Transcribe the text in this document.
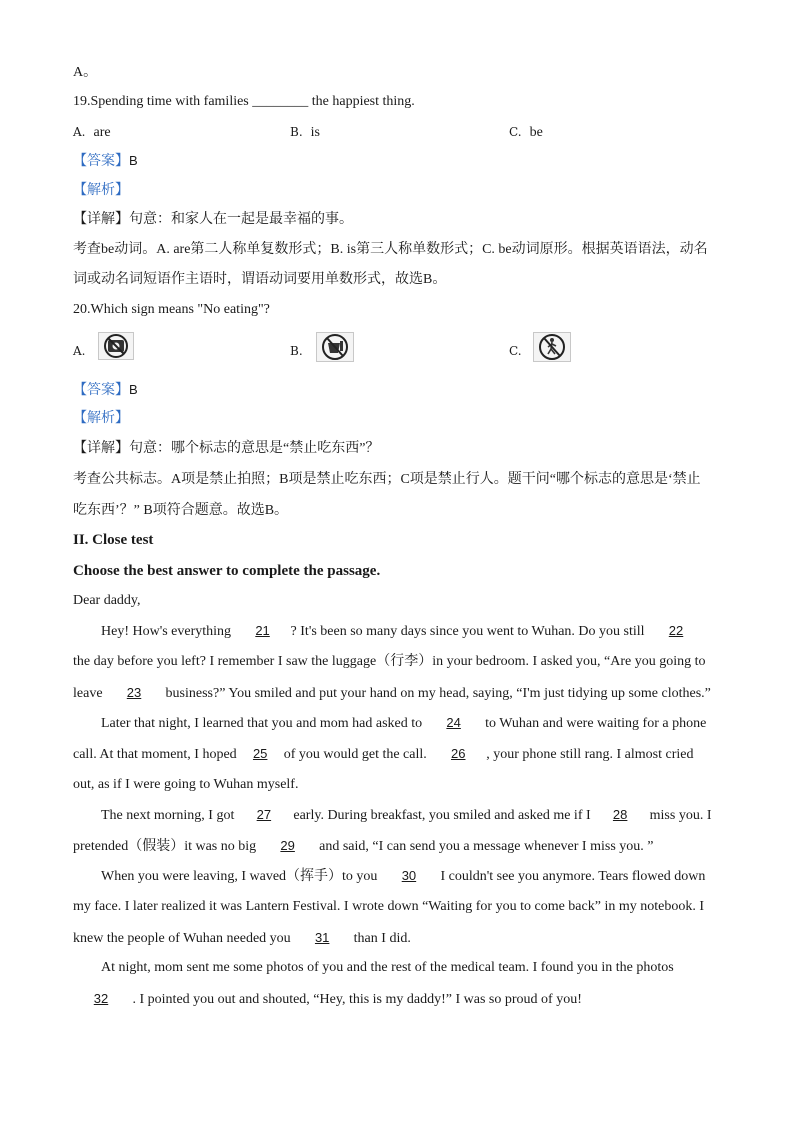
A。
19.Spending time with families ________ the happiest thing.
A. are	B. is	C. be
【答案】B
【解析】
【详解】句意：和家人在一起是最幸福的事。
考查be动词。A. are第二人称单复数形式；B. is第三人称单数形式；C. be动词原形。根据英语语法，动名
词或动名词短语作主语时，谓语动词要用单数形式，故选B。
20.Which sign means "No eating"?
A.	B.	C.
【答案】B
【解析】
【详解】句意：哪个标志的意思是“禁止吃东西”？
考查公共标志。A项是禁止拍照；B项是禁止吃东西；C项是禁止行人。题干问“哪个标志的意思是‘禁止
吃东西’？” B项符合题意。故选B。
II. Close test
Choose the best answer to complete the passage.
Dear daddy,
Hey! How's everything 21 ? It's been so many days since you went to Wuhan. Do you still 22
the day before you left? I remember I saw the luggage（行李）in your bedroom. I asked you, “Are you going to
leave 23 business?” You smiled and put your hand on my head, saying, “I'm just tidying up some clothes.”
Later that night, I learned that you and mom had asked to 24 to Wuhan and were waiting for a phone
call. At that moment, I hoped 25 of you would get the call. 26 , your phone still rang. I almost cried
out, as if I were going to Wuhan myself.
The next morning, I got 27 early. During breakfast, you smiled and asked me if I 28 miss you. I
pretended（假装）it was no big 29 and said, “I can send you a message whenever I miss you. ”
When you were leaving, I waved（挥手）to you 30 I couldn't see you anymore. Tears flowed down
my face. I later realized it was Lantern Festival. I wrote down “Waiting for you to come back” in my notebook. I
knew the people of Wuhan needed you 31 than I did.
At night, mom sent me some photos of you and the rest of the medical team. I found you in the photos
32 . I pointed you out and shouted, “Hey, this is my daddy!” I was so proud of you!
